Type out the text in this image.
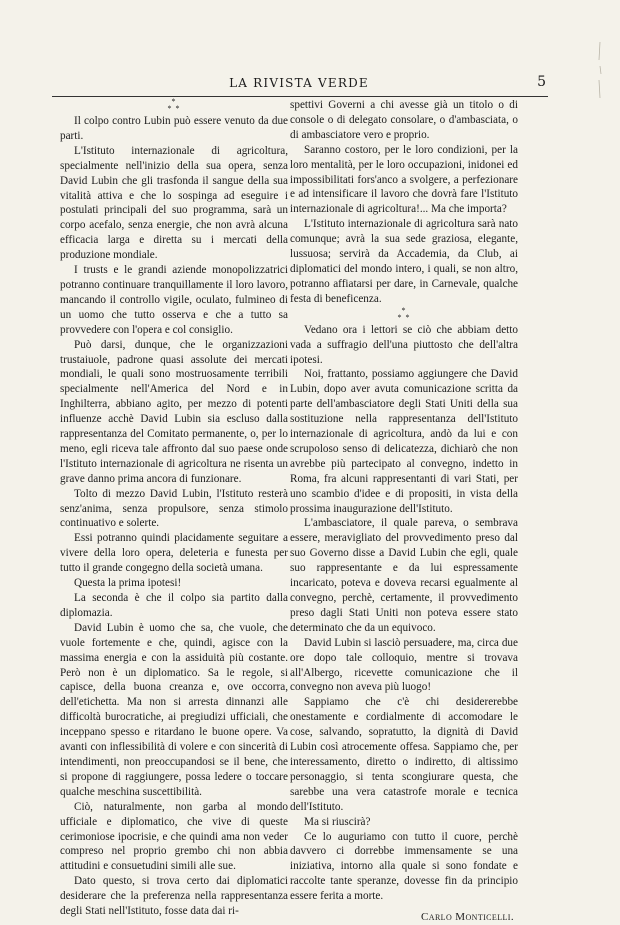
LA RIVISTA VERDE	5
*
* *

Il colpo contro Lubin può essere venuto da due parti.

L'Istituto internazionale di agricoltura, specialmente nell'inizio della sua opera, senza David Lubin che gli trasfonda il sangue della sua vitalità attiva e che lo sospinga ad eseguire i postulati principali del suo programma, sarà un corpo acefalo, senza energie, che non avrà alcuna efficacia larga e diretta su i mercati della produzione mondiale.

I trusts e le grandi aziende monopolizzatrici potranno continuare tranquillamente il loro lavoro, mancando il controllo vigile, oculato, fulmineo di un uomo che tutto osserva e che a tutto sa provvedere con l'opera e col consiglio.

Può darsi, dunque, che le organizzazioni trustaiuole, padrone quasi assolute dei mercati mondiali, le quali sono mostruosamente terribili specialmente nell'America del Nord e in Inghilterra, abbiano agito, per mezzo di potenti influenze acchè David Lubin sia escluso dalla rappresentanza del Comitato permanente, o, per lo meno, egli riceva tale affronto dal suo paese onde l'Istituto internazionale di agricoltura ne risenta un grave danno prima ancora di funzionare.

Tolto di mezzo David Lubin, l'Istituto resterà senz'anima, senza propulsore, senza stimolo continuativo e solerte.

Essi potranno quindi placidamente seguitare a vivere della loro opera, deleteria e funesta per tutto il grande congegno della società umana.

Questa la prima ipotesi!

La seconda è che il colpo sia partito dalla diplomazia.

David Lubin è uomo che sa, che vuole, che vuole fortemente e che, quindi, agisce con la massima energia e con la assiduità più costante. Però non è un diplomatico. Sa le regole, si capisce, della buona creanza e, ove occorra, dell'etichetta. Ma non si arresta dinnanzi alle difficoltà burocratiche, ai pregiudizi ufficiali, che inceppano spesso e ritardano le buone opere. Va avanti con inflessibilità di volere e con sincerità di intendimenti, non preoccupandosi se il bene, che si propone di raggiungere, possa ledere o toccare qualche meschina suscettibilità.

Ciò, naturalmente, non garba al mondo ufficiale e diplomatico, che vive di queste cerimoniose ipocrisie, e che quindi ama non veder compreso nel proprio grembo chi non abbia attitudini e consuetudini simili alle sue.

Dato questo, si trova certo dai diplomatici desiderare che la preferenza nella rappresentanza degli Stati nell'Istituto, fosse data dai ri-

spettivi Governi a chi avesse già un titolo o di console o di delegato consolare, o d'ambasciata, o di ambasciatore vero e proprio.

Saranno costoro, per le loro condizioni, per la loro mentalità, per le loro occupazioni, inidonei ed impossibilitati fors'anco a svolgere, a perfezionare e ad intensificare il lavoro che dovrà fare l'Istituto internazionale di agricoltura!... Ma che importa?

L'Istituto internazionale di agricoltura sarà nato comunque; avrà la sua sede graziosa, elegante, lussuosa; servirà da Accademia, da Club, ai diplomatici del mondo intero, i quali, se non altro, potranno affiatarsi per dare, in Carnevale, qualche festa di beneficenza.

*
* *

Vedano ora i lettori se ciò che abbiam detto vada a suffragio dell'una piuttosto che dell'altra ipotesi.

Noi, frattanto, possiamo aggiungere che David Lubin, dopo aver avuta comunicazione scritta da parte dell'ambasciatore degli Stati Uniti della sua sostituzione nella rappresentanza dell'Istituto internazionale di agricoltura, andò da lui e con scrupoloso senso di delicatezza, dichiarò che non avrebbe più partecipato al convegno, indetto in Roma, fra alcuni rappresentanti di vari Stati, per uno scambio d'idee e di propositi, in vista della prossima inaugurazione dell'Istituto.

L'ambasciatore, il quale pareva, o sembrava essere, meravigliato del provvedimento preso dal suo Governo disse a David Lubin che egli, quale suo rappresentante e da lui espressamente incaricato, poteva e doveva recarsi egualmente al convegno, perchè, certamente, il provvedimento preso dagli Stati Uniti non poteva essere stato determinato che da un equivoco.

David Lubin si lasciò persuadere, ma, circa due ore dopo tale colloquio, mentre si trovava all'Albergo, ricevette comunicazione che il convegno non aveva più luogo!

Sappiamo che c'è chi desidererebbe onestamente e cordialmente di accomodare le cose, salvando, sopratutto, la dignità di David Lubin così atrocemente offesa. Sappiamo che, per interessamento, diretto o indiretto, di altissimo personaggio, si tenta scongiurare questa, che sarebbe una vera catastrofe morale e tecnica dell'Istituto.

Ma si riuscirà?

Ce lo auguriamo con tutto il cuore, perchè davvero ci dorrebbe immensamente se una iniziativa, intorno alla quale si sono fondate e raccolte tante speranze, dovesse fin da principio essere ferita a morte.

Carlo Monticelli.
